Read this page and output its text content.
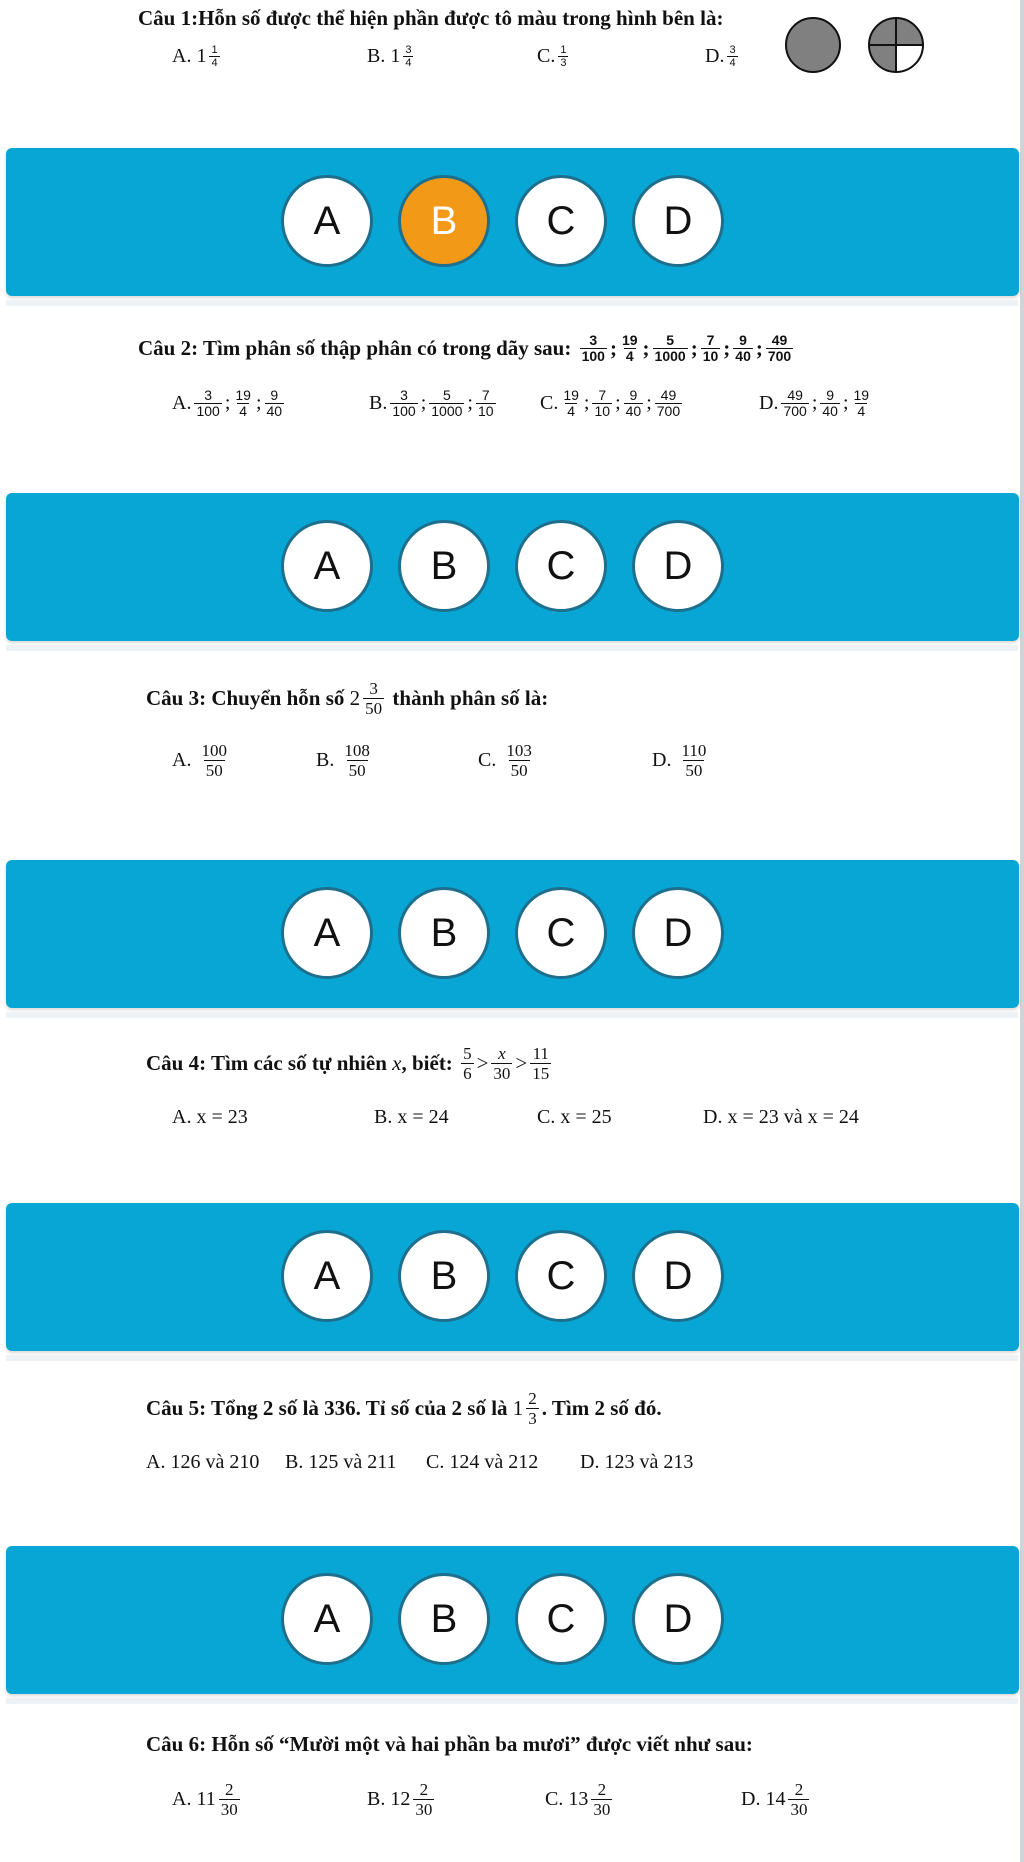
Câu 1:Hỗn số được thể hiện phần được tô màu trong hình bên là:
A.
$1 \frac{1}{4}$	B.
$1 \frac{3}{4}$	C. $\frac{1}{3}$	D. $\frac{3}{4}$
A	B	C	D
Câu 2: Tìm phân số thập phân có trong dãy sau:
$\frac{3}{100}$ ; $\frac{19}{4}$ ; $\frac{5}{1000}$ ; $\frac{7}{10}$ ; $\frac{9}{40}$ ; $\frac{49}{700}$
A. $\frac{3}{100}$ ; $\frac{19}{4}$ ; $\frac{9}{40}$	B. $\frac{3}{100}$ ; $\frac{5}{1000}$ ; $\frac{7}{10} C$. $\frac{19}{4}$ ; $\frac{7}{10}$ ; $\frac{9}{40}$ ; $\frac{49}{700}$	D. $\frac{49}{700}$ ; $\frac{9}{40}$ ; $\frac{19}{4}$
A	B	C	D
Câu 3: Chuyển hỗn số
$2 \frac{3}{50}$
thành phân số là:
A.
$\frac{100}{50}$	B.
$\frac{108}{50}$	C.
$\frac{103}{50}$	D.
$\frac{110}{50}$
A	B	C	D
Câu 4: Tìm các số tự nhiên
x , biết:
$\frac{5}{6} > \frac{x}{30} > \frac{11}{15}$
A.
x = 23	B.
x = 24	C.
x = 25	D.
x = 23 và x = 24
A	B	C	D
Câu 5: Tổng 2 số là 336. Tỉ số của 2 số là
$1 \frac{2}{3}$ . Tìm 2 số đó.
A.
126 và 210 B.
125 và 211 C.
124 và 212 D.
123 và 213
A	B	C	D
Câu 6: Hỗn số “Mười một và hai phần ba mươi” được viết như sau:
A.
$11 \frac{2}{30}$	B.
$12 \frac{2}{30}$	C.
$13 \frac{2}{30}$	D.
$14 \frac{2}{30}$
